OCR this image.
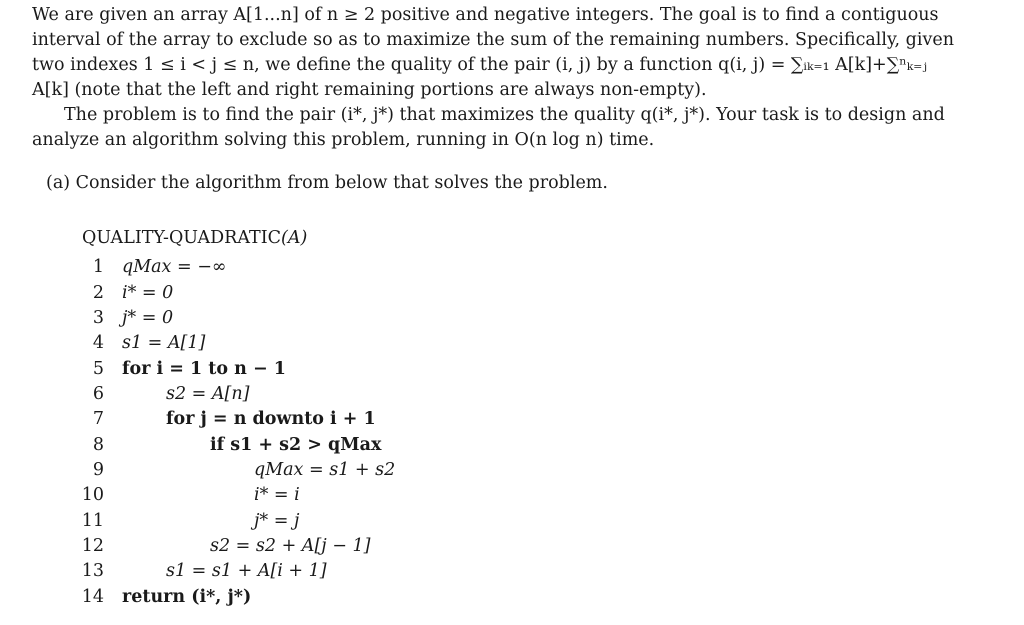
We are given an array A[1...n] of n ≥ 2 positive and negative integers. The goal is to find a contiguous interval of the array to exclude so as to maximize the sum of the remaining numbers. Specifically, given two indexes 1 ≤ i < j ≤ n, we define the quality of the pair (i, j) by a function q(i, j) = ∑ᵢₖ₌₁ A[k]+∑ⁿₖ₌ⱼ A[k] (note that the left and right remaining portions are always non-empty).

The problem is to find the pair (i*, j*) that maximizes the quality q(i*, j*). Your task is to design and analyze an algorithm solving this problem, running in O(n log n) time.

(a) Consider the algorithm from below that solves the problem.
QUALITY-QUADRATIC(A)
1 qMax = −∞
2 i* = 0
3 j* = 0
4 s1 = A[1]
5 for i = 1 to n − 1
6	s2 = A[n]
7	for j = n downto i + 1
8	if s1 + s2 > qMax
9	qMax = s1 + s2
10	i* = i
11	j* = j
12	s2 = s2 + A[j − 1]
13	s1 = s1 + A[i + 1]
14 return (i*, j*)
